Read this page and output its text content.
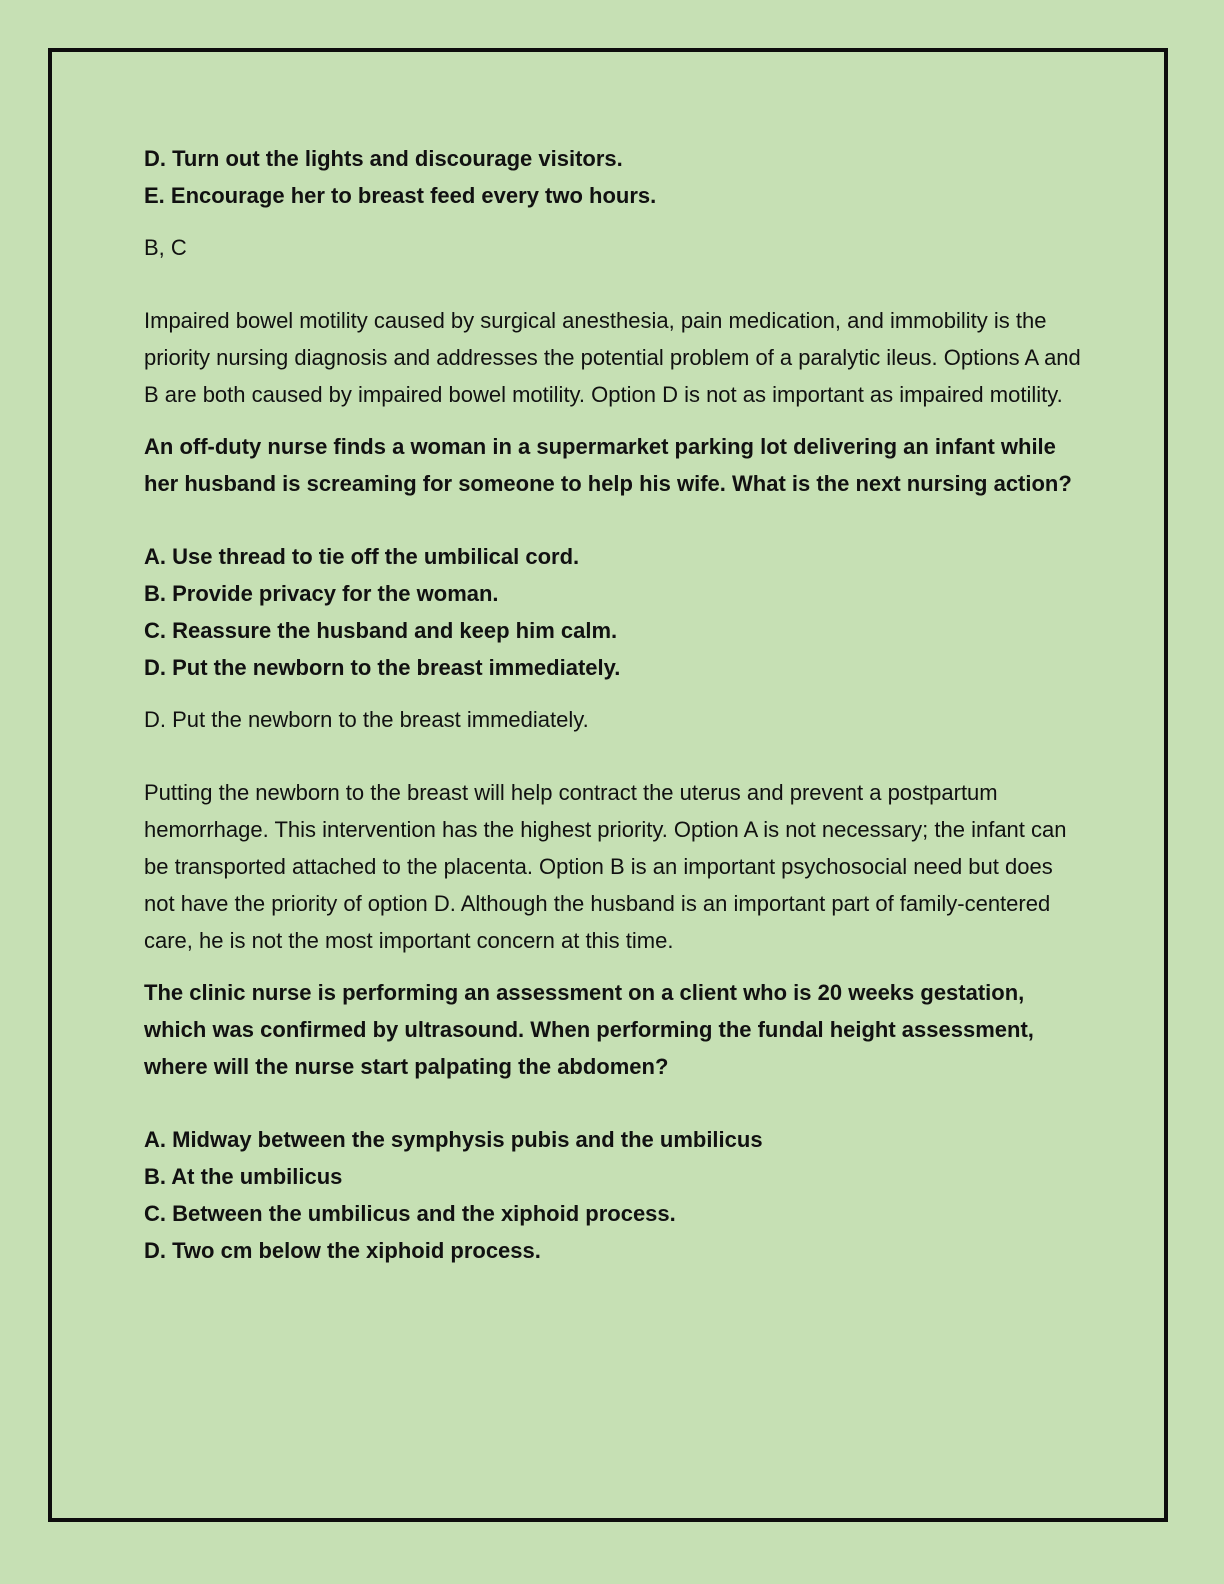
D. Turn out the lights and discourage visitors.
E. Encourage her to breast feed every two hours.
B, C

Impaired bowel motility caused by surgical anesthesia, pain medication, and immobility is the priority nursing diagnosis and addresses the potential problem of a paralytic ileus. Options A and B are both caused by impaired bowel motility. Option D is not as important as impaired motility.

An off-duty nurse finds a woman in a supermarket parking lot delivering an infant while her husband is screaming for someone to help his wife. What is the next nursing action?

A. Use thread to tie off the umbilical cord.
B. Provide privacy for the woman.
C. Reassure the husband and keep him calm.
D. Put the newborn to the breast immediately.
D. Put the newborn to the breast immediately.

Putting the newborn to the breast will help contract the uterus and prevent a postpartum hemorrhage. This intervention has the highest priority. Option A is not necessary; the infant can be transported attached to the placenta. Option B is an important psychosocial need but does not have the priority of option D. Although the husband is an important part of family-centered care, he is not the most important concern at this time.

The clinic nurse is performing an assessment on a client who is 20 weeks gestation, which was confirmed by ultrasound. When performing the fundal height assessment, where will the nurse start palpating the abdomen?

A. Midway between the symphysis pubis and the umbilicus
B. At the umbilicus
C. Between the umbilicus and the xiphoid process.
D. Two cm below the xiphoid process.
